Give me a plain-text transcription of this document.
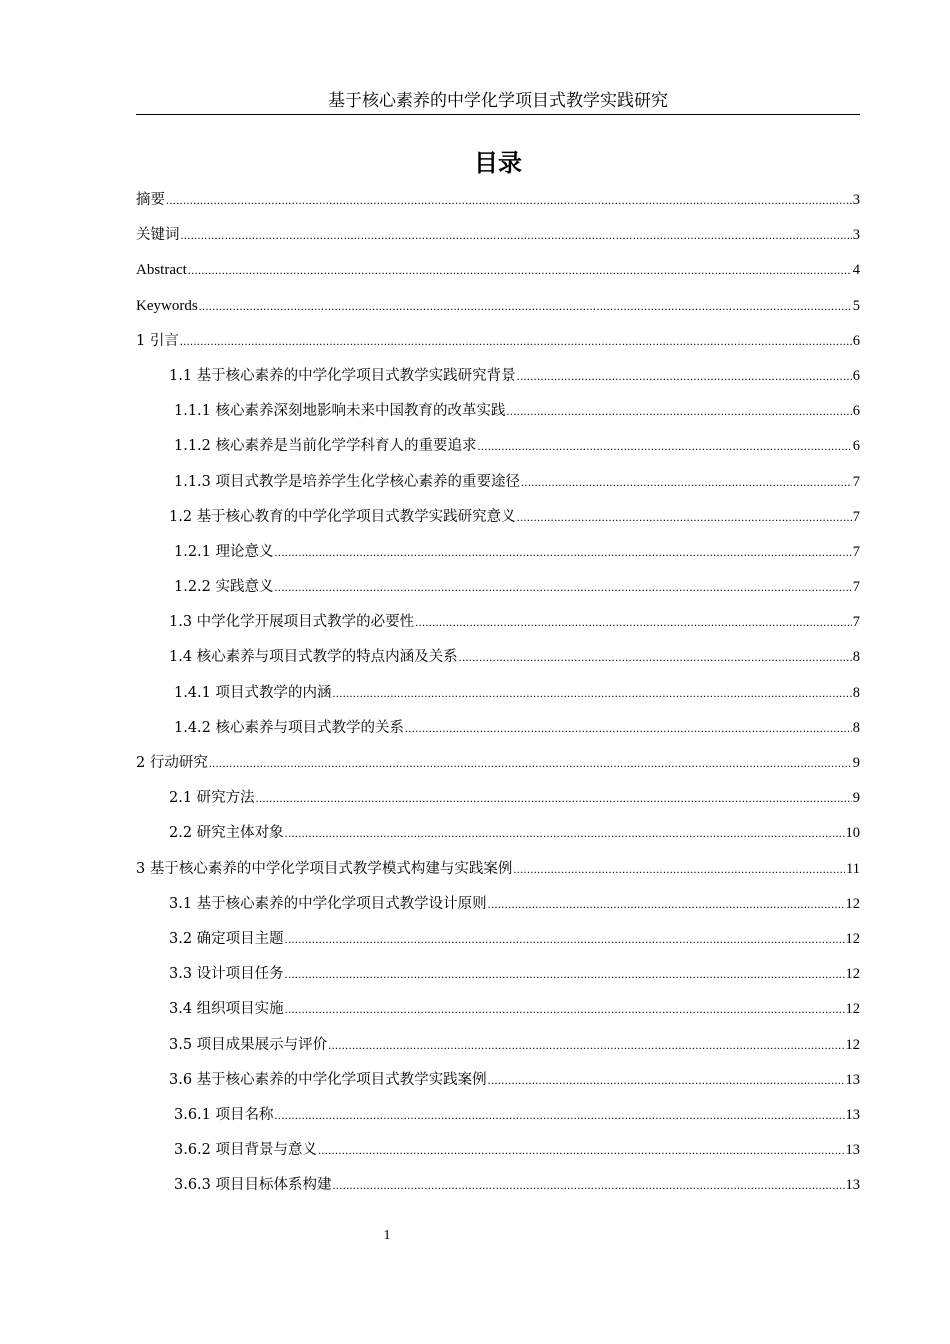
基于核心素养的中学化学项目式教学实践研究
目录
摘要 .....	3
关键词 .....	3
Abstract .....	4
Keywords .....	5
1 引言 .....	6
1.1 基于核心素养的中学化学项目式教学实践研究背景 .....	6
1.1.1 核心素养深刻地影响未来中国教育的改革实践 .....	6
1.1.2 核心素养是当前化学学科育人的重要追求 .....	6
1.1.3 项目式教学是培养学生化学核心素养的重要途径 .....	7
1.2 基于核心教育的中学化学项目式教学实践研究意义 .....	7
1.2.1 理论意义 .....	7
1.2.2 实践意义 .....	7
1.3 中学化学开展项目式教学的必要性 .....	7
1.4 核心素养与项目式教学的特点内涵及关系 .....	8
1.4.1 项目式教学的内涵 .....	8
1.4.2 核心素养与项目式教学的关系 .....	8
2 行动研究 .....	9
2.1 研究方法 .....	9
2.2 研究主体对象 .....	10
3 基于核心素养的中学化学项目式教学模式构建与实践案例 .....	11
3.1 基于核心素养的中学化学项目式教学设计原则 .....	12
3.2 确定项目主题 .....	12
3.3 设计项目任务 .....	12
3.4 组织项目实施 .....	12
3.5 项目成果展示与评价 .....	12
3.6 基于核心素养的中学化学项目式教学实践案例 .....	13
3.6.1 项目名称 .....	13
3.6.2 项目背景与意义 .....	13
3.6.3 项目目标体系构建 .....	13
1
